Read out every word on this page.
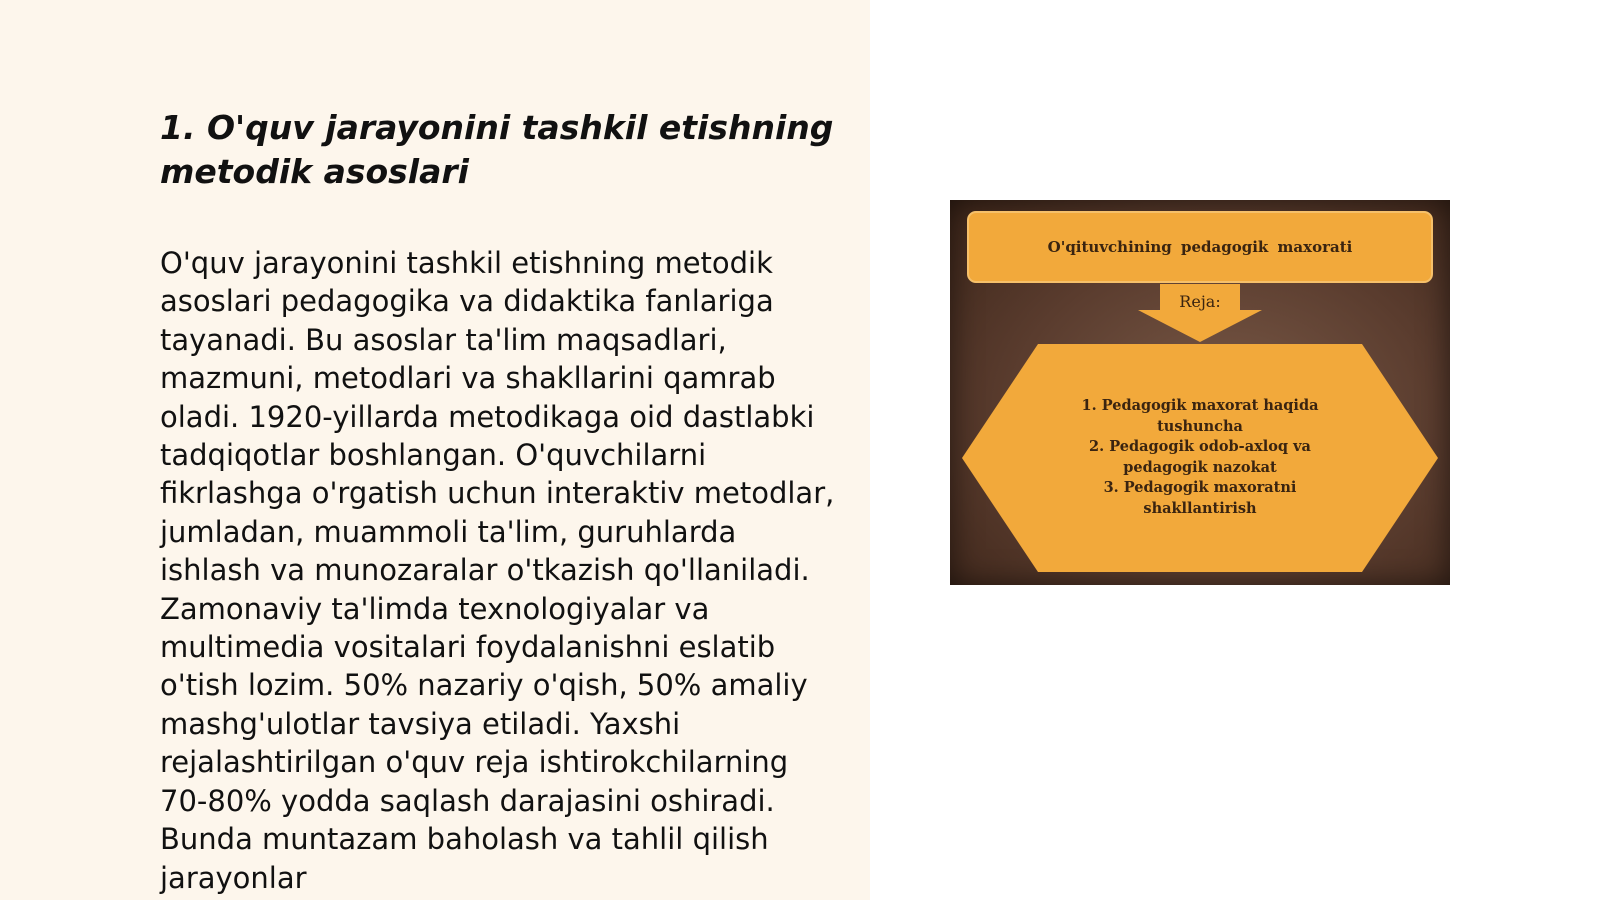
1. O'quv jarayonini tashkil etishning metodik asoslari

O'quv jarayonini tashkil etishning metodik asoslari pedagogika va didaktika fanlariga tayanadi. Bu asoslar ta'lim maqsadlari, mazmuni, metodlari va shakllarini qamrab oladi. 1920-yillarda metodikaga oid dastlabki tadqiqotlar boshlangan. O'quvchilarni fikrlashga o'rgatish uchun interaktiv metodlar, jumladan, muammoli ta'lim, guruhlarda ishlash va munozaralar o'tkazish qo'llaniladi. Zamonaviy ta'limda texnologiyalar va multimedia vositalari foydalanishni eslatib o'tish lozim. 50% nazariy o'qish, 50% amaliy mashg'ulotlar tavsiya etiladi. Yaxshi rejalashtirilgan o'quv reja ishtirokchilarning 70-80% yodda saqlash darajasini oshiradi. Bunda muntazam baholash va tahlil qilish jarayonlar

O'qituvchining pedagogik maxorati
Reja:
1. Pedagogik maxorat haqida tushuncha
2. Pedagogik odob-axloq va pedagogik nazokat
3. Pedagogik maxoratni shakllantirish
